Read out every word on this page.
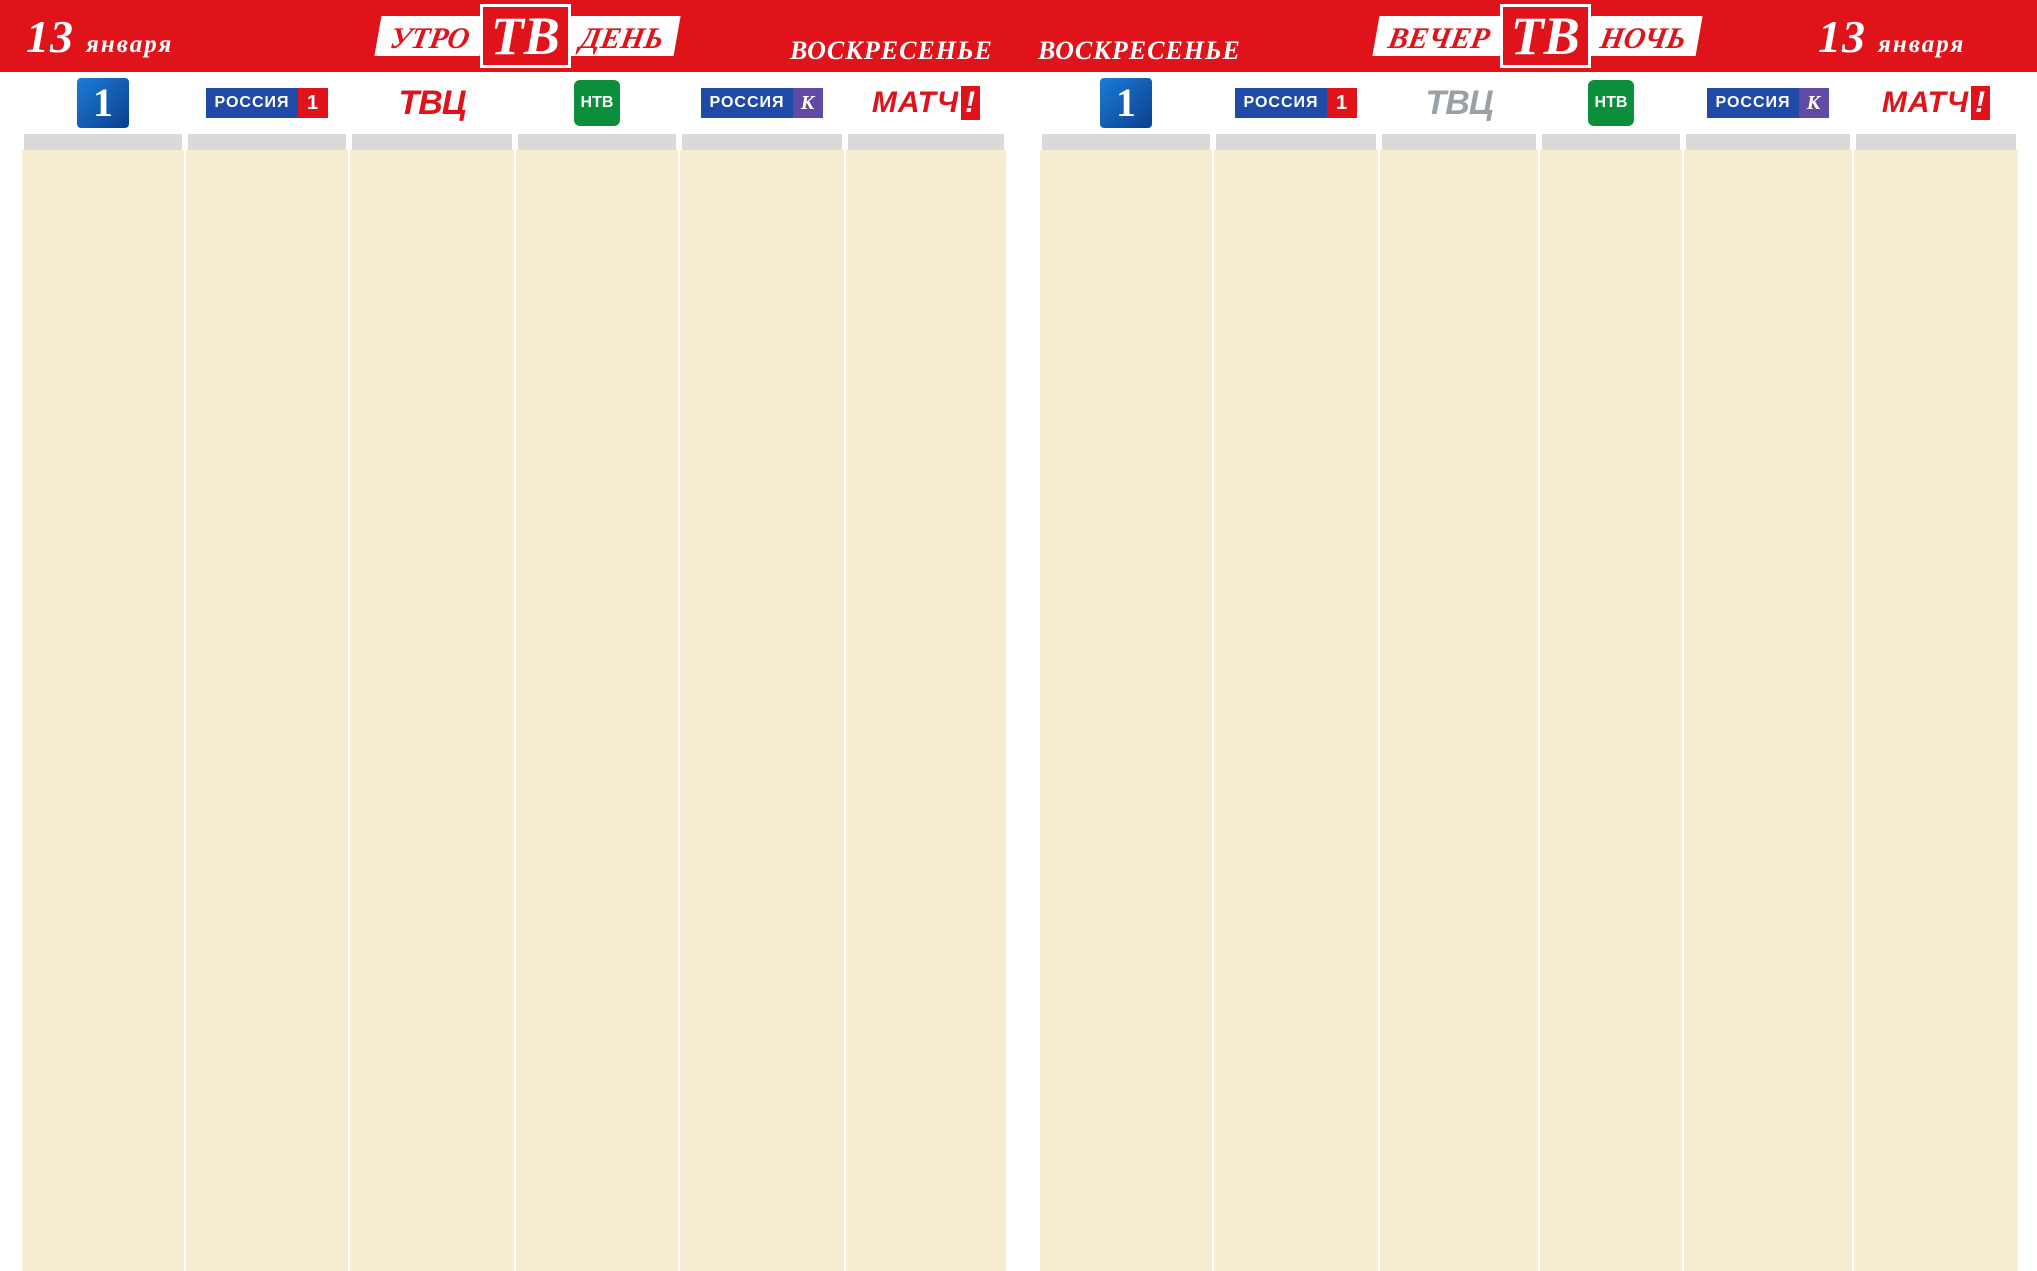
13 января	УТРО ТВ ДЕНЬ	ВОСКРЕСЕНЬЕ ВОСКРЕСЕНЬЕ	ВЕЧЕР ТВ НОЧЬ	13 января
1	РОССИЯ 1 ТВЦ	НТВ	РОССИЯ К МАТЧ !	1	РОССИЯ 1 ТВЦ	НТВ	РОССИЯ К МАТЧ !
